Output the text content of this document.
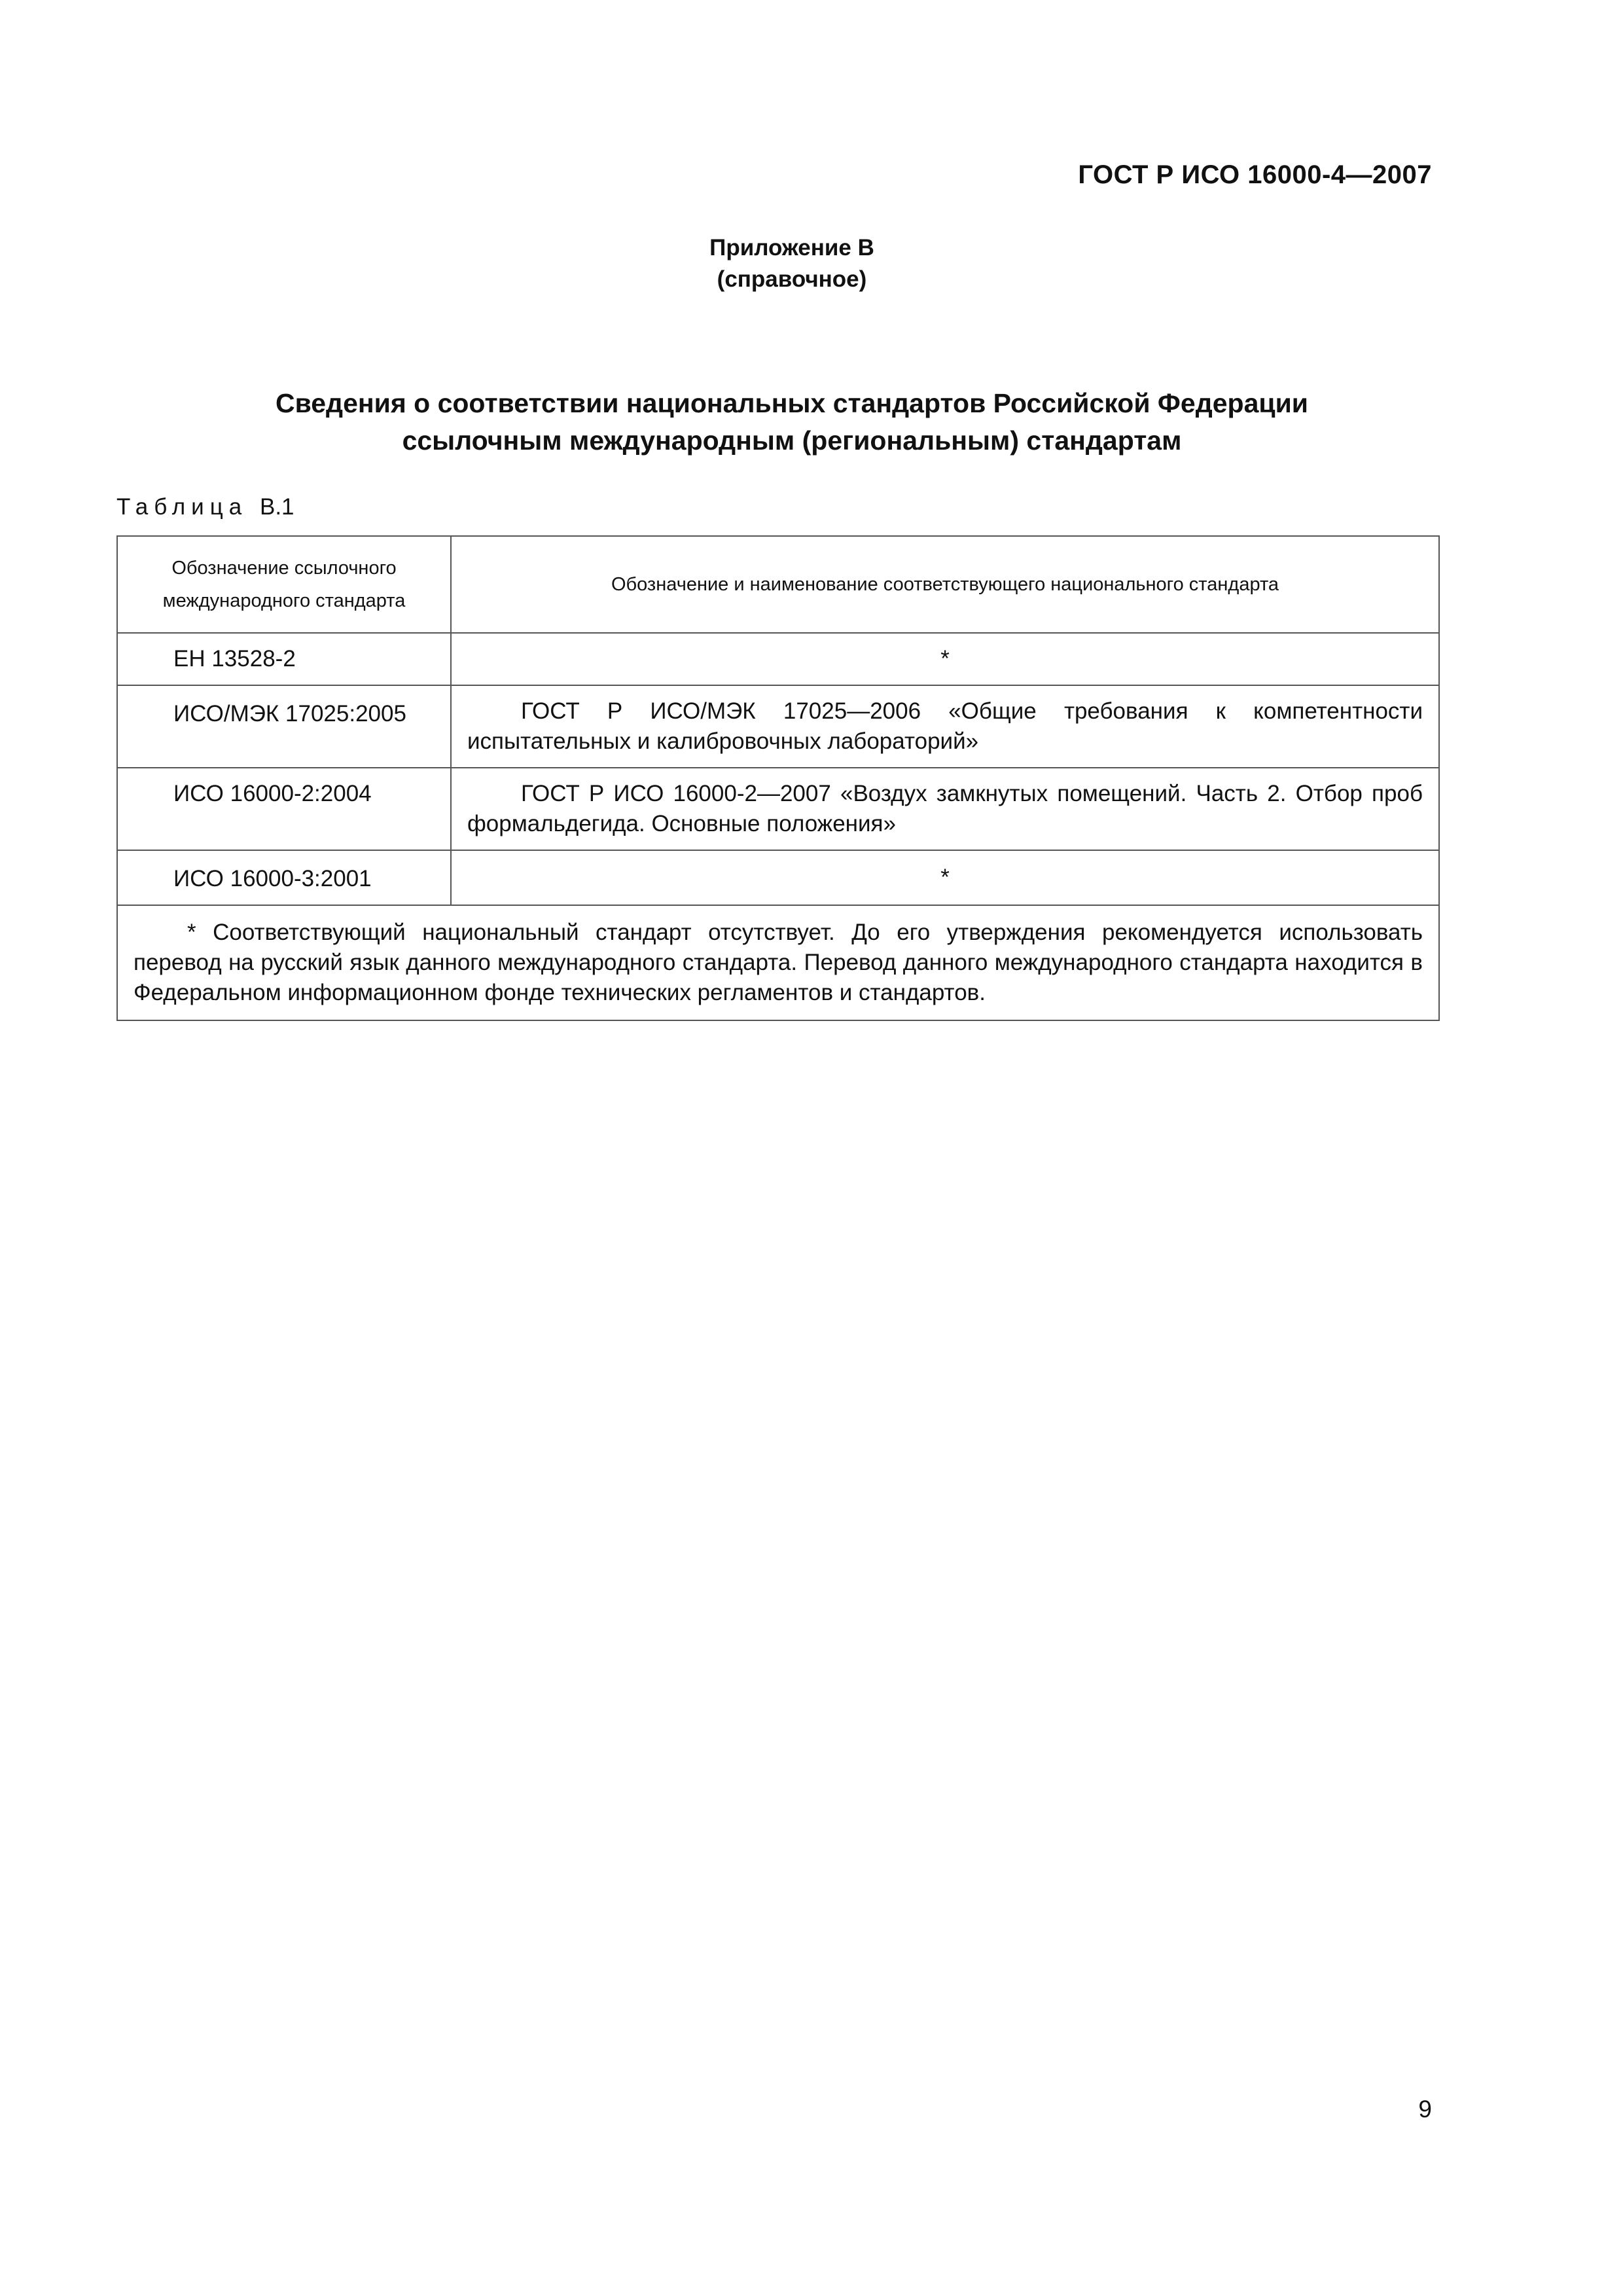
ГОСТ Р ИСО 16000-4—2007
Приложение В
(справочное)
Сведения о соответствии национальных стандартов Российской Федерации
ссылочным международным (региональным) стандартам
Таблица В.1
Обозначение ссылочного международного стандарта	Обозначение и наименование соответствующего национального стандарта
ЕН 13528-2	*
ИСО/МЭК 17025:2005	ГОСТ Р ИСО/МЭК 17025—2006 «Общие требования к компетентности испытательных и калибровочных лабораторий»
ИСО 16000-2:2004	ГОСТ Р ИСО 16000-2—2007 «Воздух замкнутых помещений. Часть 2. Отбор проб формальдегида. Основные положения»
ИСО 16000-3:2001	*
* Соответствующий национальный стандарт отсутствует. До его утверждения рекомендуется использовать перевод на русский язык данного международного стандарта. Перевод данного международного стандарта находится в Федеральном информационном фонде технических регламентов и стандартов.	
9
